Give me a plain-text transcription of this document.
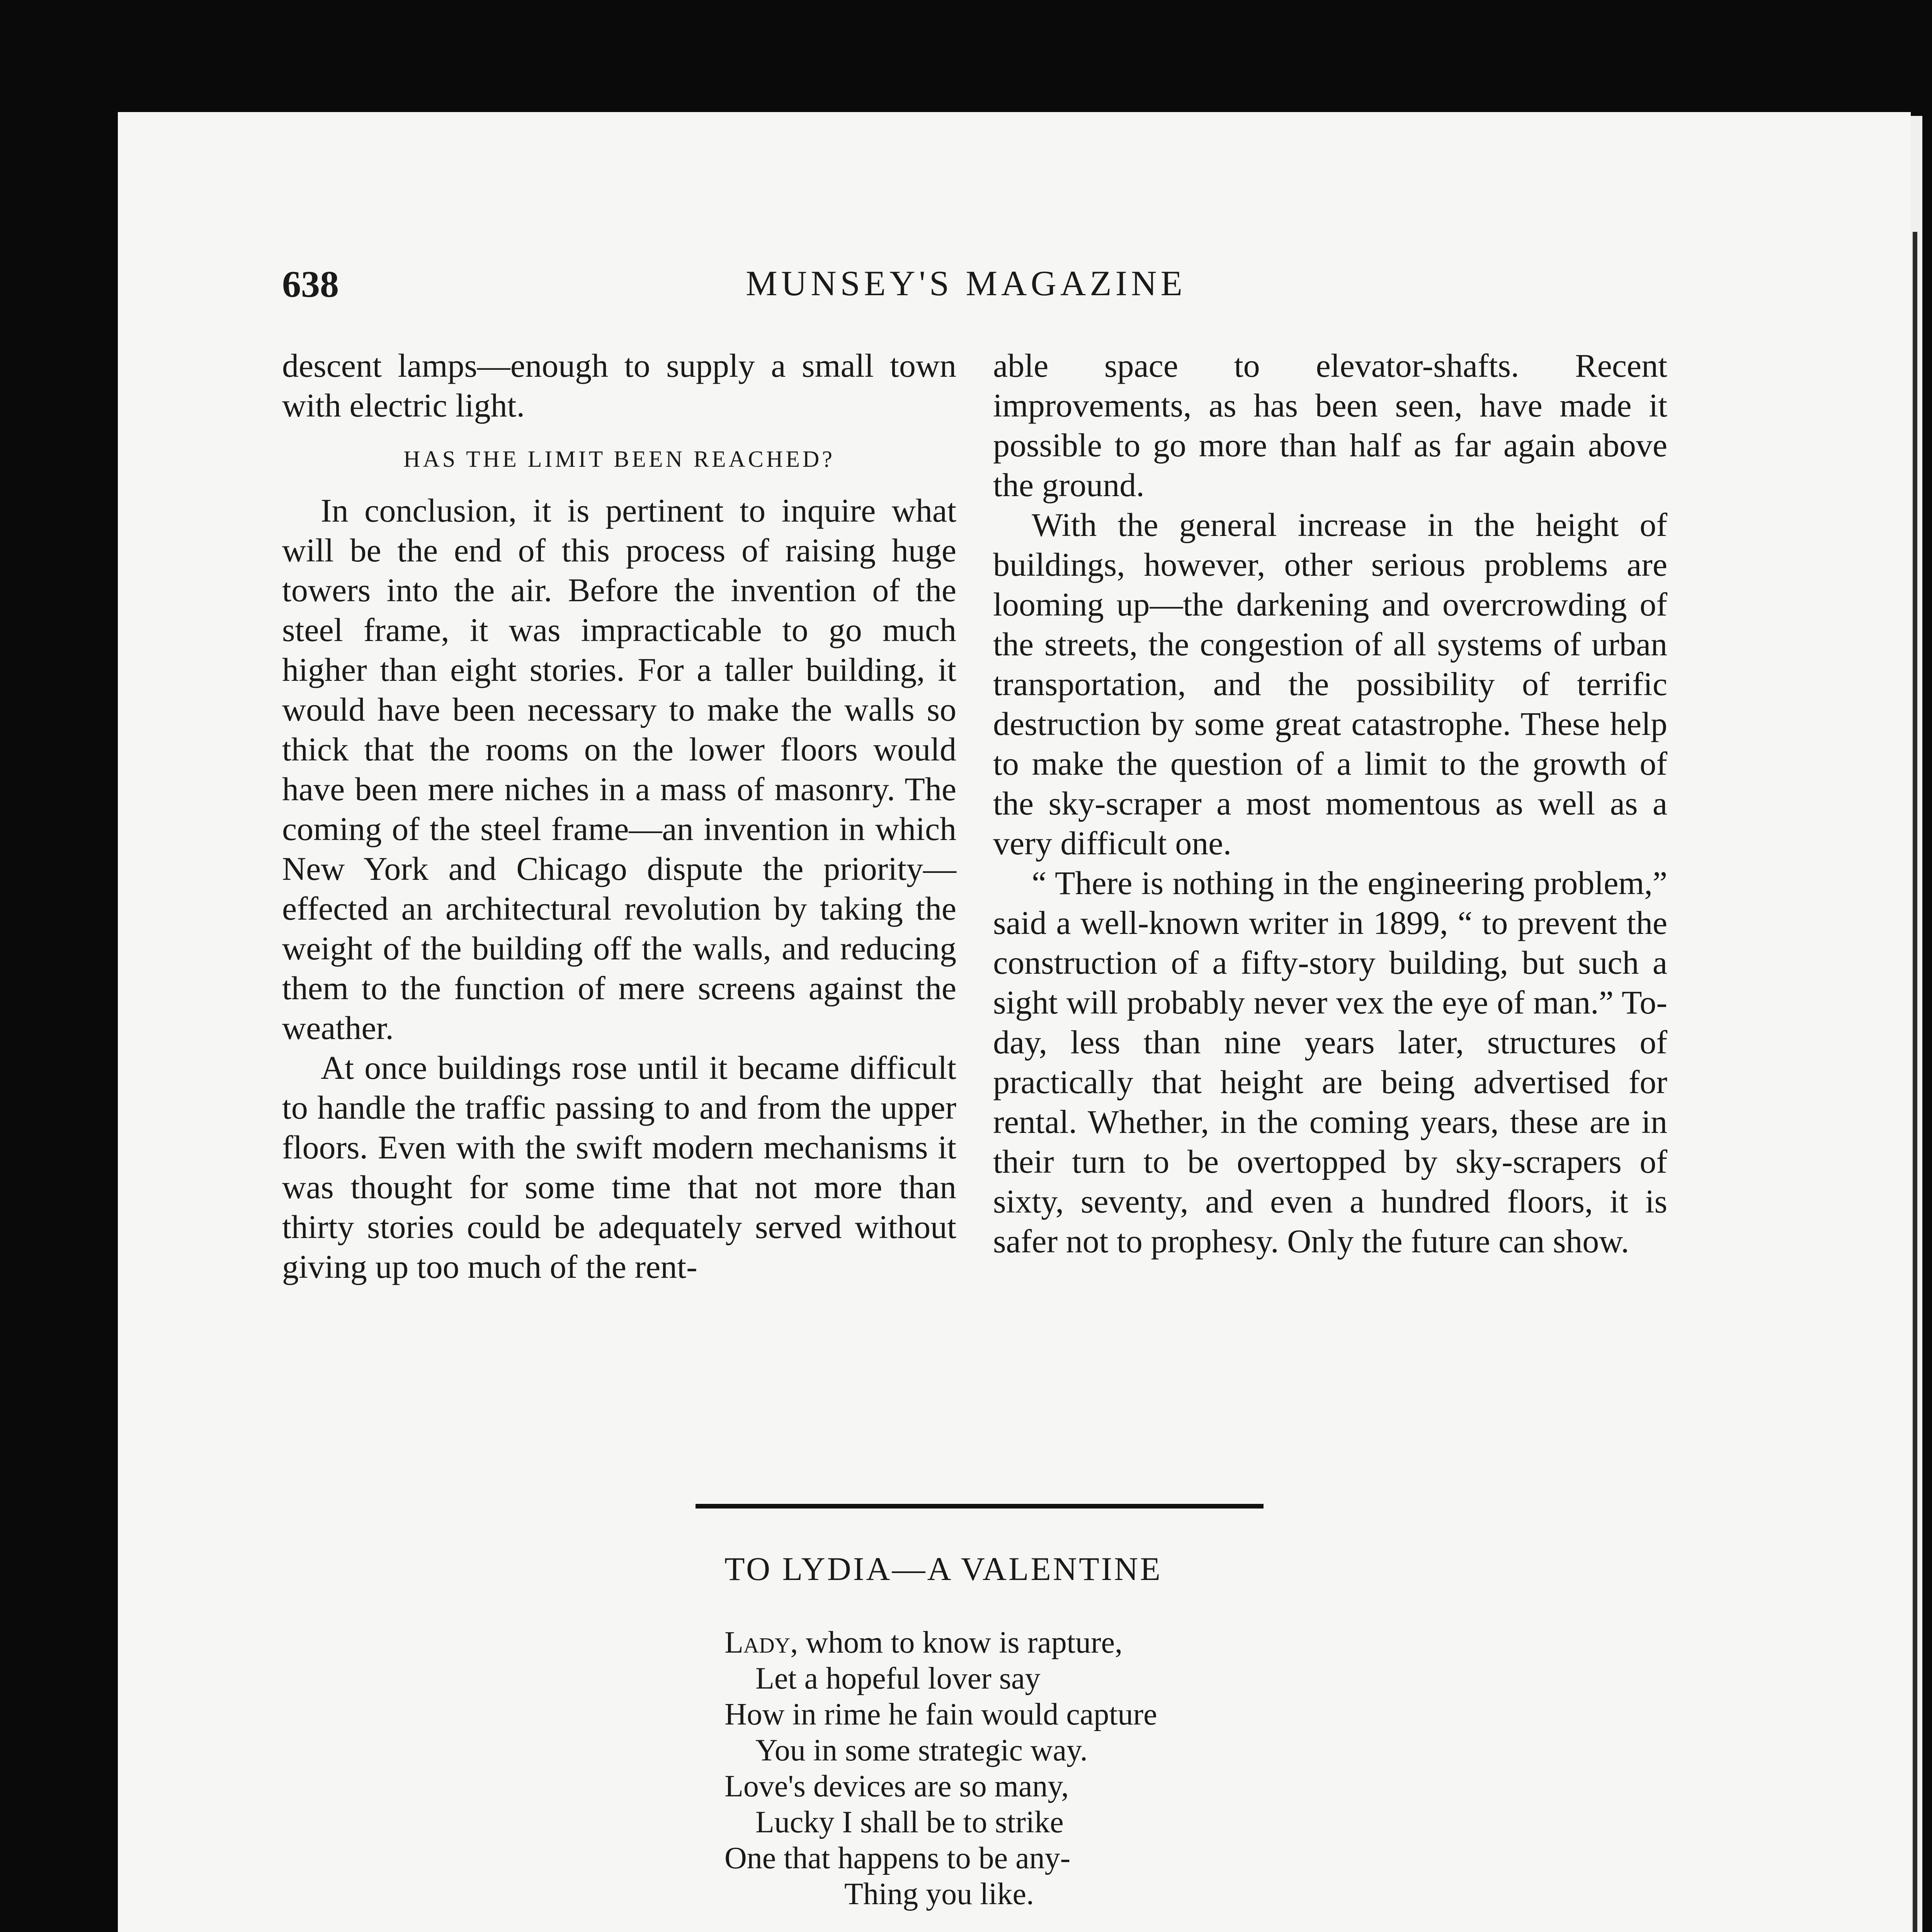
638	MUNSEY'S MAGAZINE

descent lamps—enough to supply a small town with electric light.

HAS THE LIMIT BEEN REACHED?

In conclusion, it is pertinent to inquire what will be the end of this process of raising huge towers into the air. Before the invention of the steel frame, it was impracticable to go much higher than eight stories. For a taller building, it would have been necessary to make the walls so thick that the rooms on the lower floors would have been mere niches in a mass of masonry. The coming of the steel frame—an invention in which New York and Chicago dispute the priority—effected an architectural revolution by taking the weight of the building off the walls, and reducing them to the function of mere screens against the weather.

At once buildings rose until it became difficult to handle the traffic passing to and from the upper floors. Even with the swift modern mechanisms it was thought for some time that not more than thirty stories could be adequately served without giving up too much of the rent-

able space to elevator-shafts. Recent improvements, as has been seen, have made it possible to go more than half as far again above the ground.

With the general increase in the height of buildings, however, other serious problems are looming up—the darkening and overcrowding of the streets, the congestion of all systems of urban transportation, and the possibility of terrific destruction by some great catastrophe. These help to make the question of a limit to the growth of the sky-scraper a most momentous as well as a very difficult one.

“ There is nothing in the engineering problem,” said a well-known writer in 1899, “ to prevent the construction of a fifty-story building, but such a sight will probably never vex the eye of man.” To-day, less than nine years later, structures of practically that height are being advertised for rental. Whether, in the coming years, these are in their turn to be overtopped by sky-scrapers of sixty, seventy, and even a hundred floors, it is safer not to prophesy. Only the future can show.

TO LYDIA—A VALENTINE
Lady, whom to know is rapture,
Let a hopeful lover say
How in rime he fain would capture
You in some strategic way.
Love's devices are so many,
Lucky I shall be to strike
One that happens to be any-
Thing you like.
